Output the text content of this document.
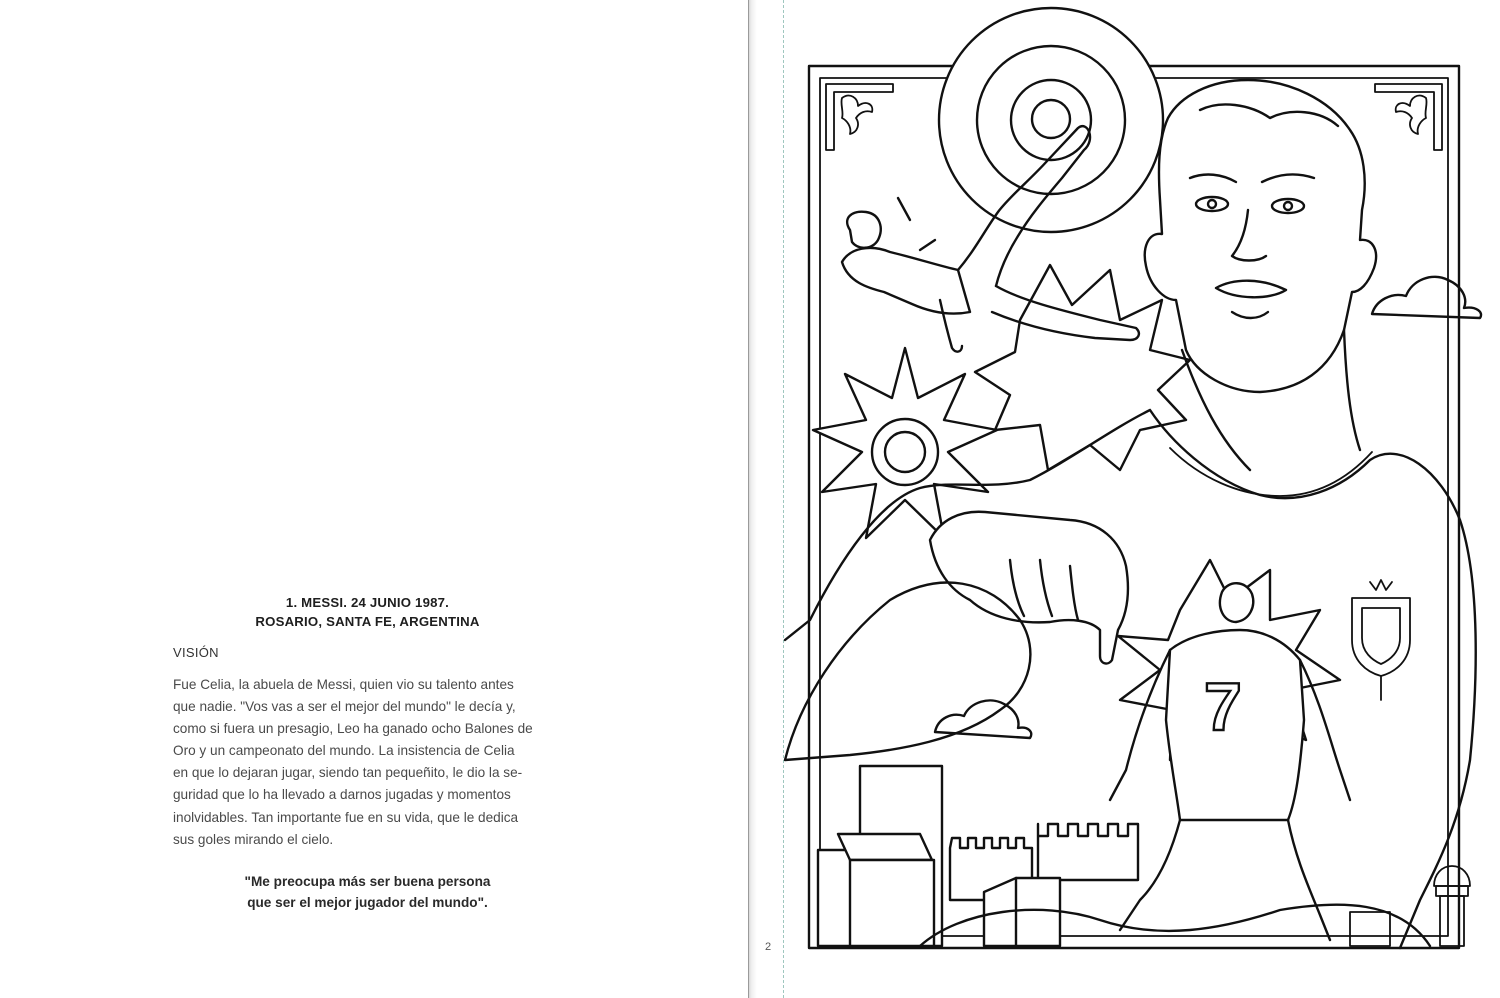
1. MESSI. 24 JUNIO 1987.
ROSARIO, SANTA FE, ARGENTINA
VISIÓN
Fue Celia, la abuela de Messi, quien vio su talento antes
que nadie. "Vos vas a ser el mejor del mundo" le decía y,
como si fuera un presagio, Leo ha ganado ocho Balones de
Oro y un campeonato del mundo. La insistencia de Celia
en que lo dejaran jugar, siendo tan pequeñito, le dio la se-
guridad que lo ha llevado a darnos jugadas y momentos
inolvidables. Tan importante fue en su vida, que le dedica
sus goles mirando el cielo.
"Me preocupa más ser buena persona
que ser el mejor jugador del mundo".
2
7
